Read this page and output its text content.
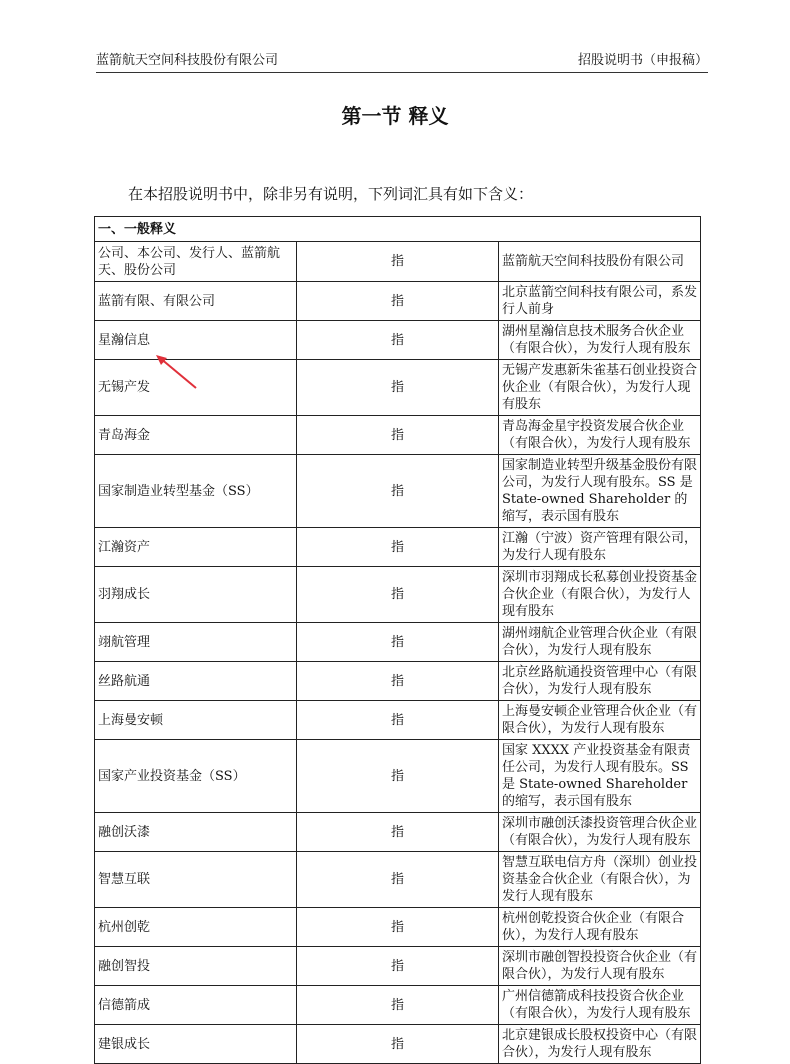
蓝箭航天空间科技股份有限公司	招股说明书（申报稿）
第一节 释义
在本招股说明书中，除非另有说明，下列词汇具有如下含义：
一、一般释义		
公司、本公司、发行人、蓝箭航天、股份公司	指	蓝箭航天空间科技股份有限公司
蓝箭有限、有限公司	指	北京蓝箭空间科技有限公司，系发行人前身
星瀚信息	指	湖州星瀚信息技术服务合伙企业（有限合伙），为发行人现有股东
无锡产发	指	无锡产发惠新朱雀基石创业投资合伙企业（有限合伙），为发行人现有股东
青岛海金	指	青岛海金星宇投资发展合伙企业（有限合伙），为发行人现有股东
国家制造业转型基金（SS）	指	国家制造业转型升级基金股份有限公司，为发行人现有股东。SS 是 State-owned Shareholder 的缩写，表示国有股东
江瀚资产	指	江瀚（宁波）资产管理有限公司，为发行人现有股东
羽翔成长	指	深圳市羽翔成长私募创业投资基金合伙企业（有限合伙），为发行人现有股东
翊航管理	指	湖州翊航企业管理合伙企业（有限合伙），为发行人现有股东
丝路航通	指	北京丝路航通投资管理中心（有限合伙），为发行人现有股东
上海曼安顿	指	上海曼安顿企业管理合伙企业（有限合伙），为发行人现有股东
国家产业投资基金（SS）	指	国家 XXXX 产业投资基金有限责任公司，为发行人现有股东。SS 是 State-owned Shareholder 的缩写，表示国有股东
融创沃漆	指	深圳市融创沃漆投资管理合伙企业（有限合伙），为发行人现有股东
智慧互联	指	智慧互联电信方舟（深圳）创业投资基金合伙企业（有限合伙），为发行人现有股东
杭州创乾	指	杭州创乾投资合伙企业（有限合伙），为发行人现有股东
融创智投	指	深圳市融创智投投资合伙企业（有限合伙），为发行人现有股东
信德箭成	指	广州信德箭成科技投资合伙企业（有限合伙），为发行人现有股东
建银成长	指	北京建银成长股权投资中心（有限合伙），为发行人现有股东
